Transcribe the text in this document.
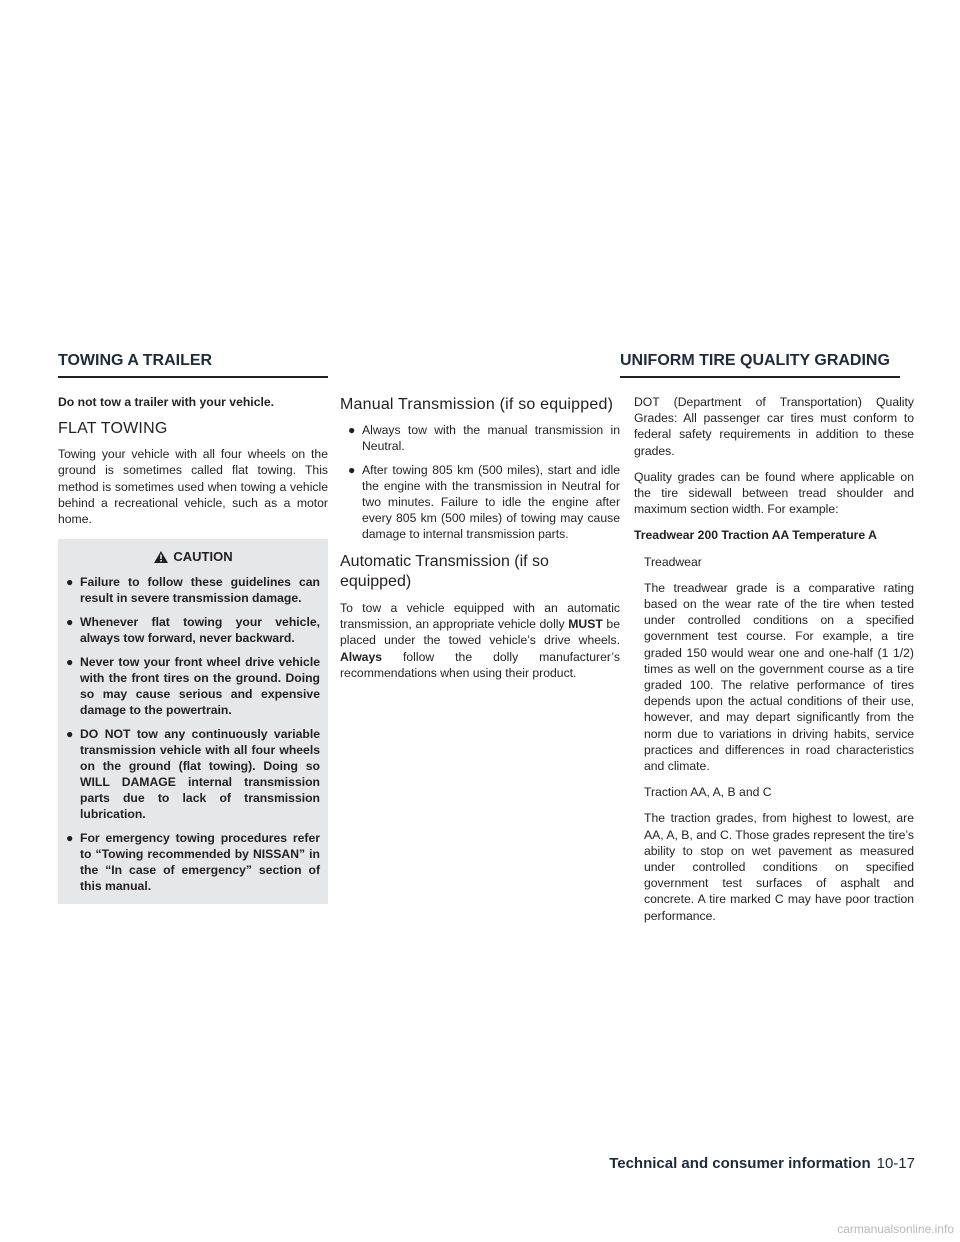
TOWING A TRAILER	UNIFORM TIRE QUALITY GRADING

Do not tow a trailer with your vehicle.

FLAT TOWING

Towing your vehicle with all four wheels on the ground is sometimes called flat towing. This method is sometimes used when towing a vehicle behind a recreational vehicle, such as a motor home.

CAUTION
● Failure to follow these guidelines can result in severe transmission damage.
● Whenever flat towing your vehicle, always tow forward, never backward.
● Never tow your front wheel drive vehicle with the front tires on the ground. Doing so may cause serious and expensive damage to the powertrain.
● DO NOT tow any continuously variable transmission vehicle with all four wheels on the ground (flat towing). Doing so WILL DAMAGE internal transmission parts due to lack of transmission lubrication.
● For emergency towing procedures refer to “Towing recommended by NISSAN” in the “In case of emergency” section of this manual.
Manual Transmission (if so equipped)
● Always tow with the manual transmission in Neutral.
● After towing 805 km (500 miles), start and idle the engine with the transmission in Neutral for two minutes. Failure to idle the engine after every 805 km (500 miles) of towing may cause damage to internal transmission parts.
Automatic Transmission (if so equipped)

To tow a vehicle equipped with an automatic transmission, an appropriate vehicle dolly MUST be placed under the towed vehicle’s drive wheels. Always follow the dolly manufacturer’s recommendations when using their product.

DOT (Department of Transportation) Quality Grades: All passenger car tires must conform to federal safety requirements in addition to these grades.

Quality grades can be found where applicable on the tire sidewall between tread shoulder and maximum section width. For example:

Treadwear 200 Traction AA Temperature A

Treadwear

The treadwear grade is a comparative rating based on the wear rate of the tire when tested under controlled conditions on a specified government test course. For example, a tire graded 150 would wear one and one-half (1 1/2) times as well on the government course as a tire graded 100. The relative performance of tires depends upon the actual conditions of their use, however, and may depart significantly from the norm due to variations in driving habits, service practices and differences in road characteristics and climate.

Traction AA, A, B and C

The traction grades, from highest to lowest, are AA, A, B, and C. Those grades represent the tire’s ability to stop on wet pavement as measured under controlled conditions on specified government test surfaces of asphalt and concrete. A tire marked C may have poor traction performance.

Technical and consumer information 10-17
carmanualsonline.info
